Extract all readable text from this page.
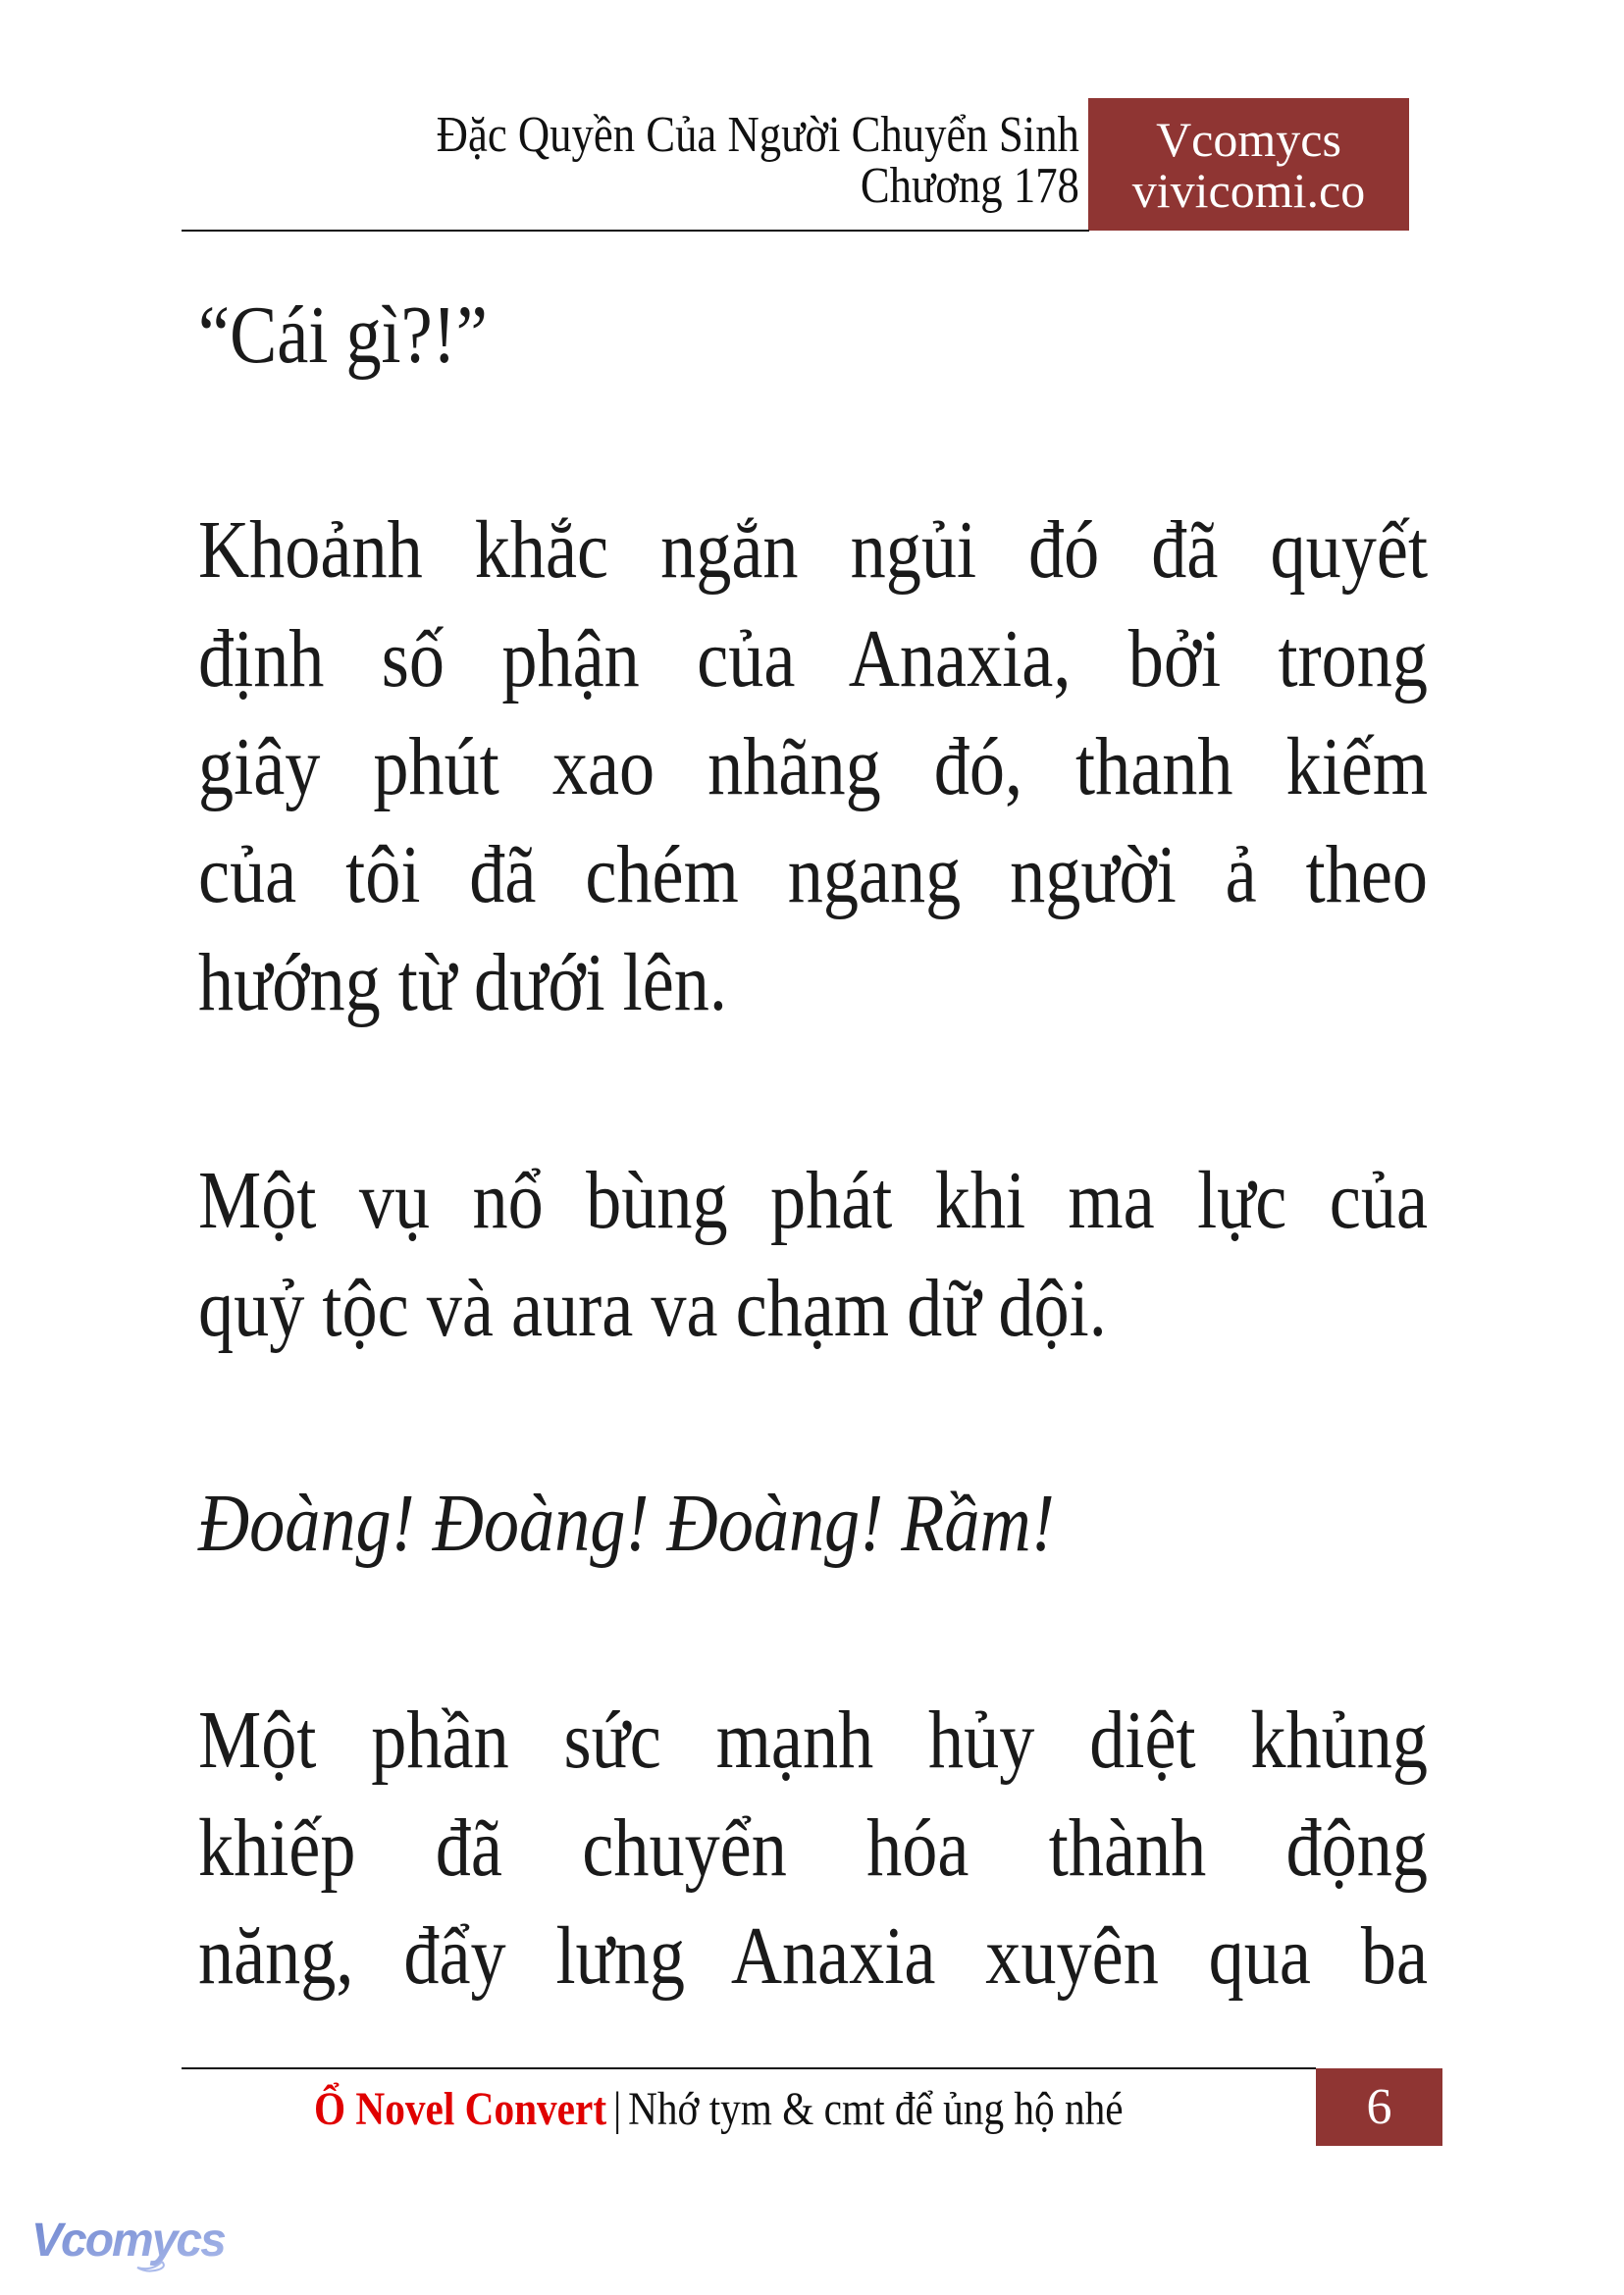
Đặc Quyền Của Người Chuyển Sinh
Chương 178
Vcomycs
vivicomi.co
“Cái gì?!”
Khoảnh khắc ngắn ngủi đó đã quyết
định số phận của Anaxia, bởi trong
giây phút xao nhãng đó, thanh kiếm
của tôi đã chém ngang người ả theo
hướng từ dưới lên.
Một vụ nổ bùng phát khi ma lực của
quỷ tộc và aura va chạm dữ dội.
Đoàng! Đoàng! Đoàng! Rầm!
Một phần sức mạnh hủy diệt khủng
khiếp đã chuyển hóa thành động
năng, đẩy lưng Anaxia xuyên qua ba
Ổ Novel Convert | Nhớ tym & cmt để ủng hộ nhé	6
Vcomycs
